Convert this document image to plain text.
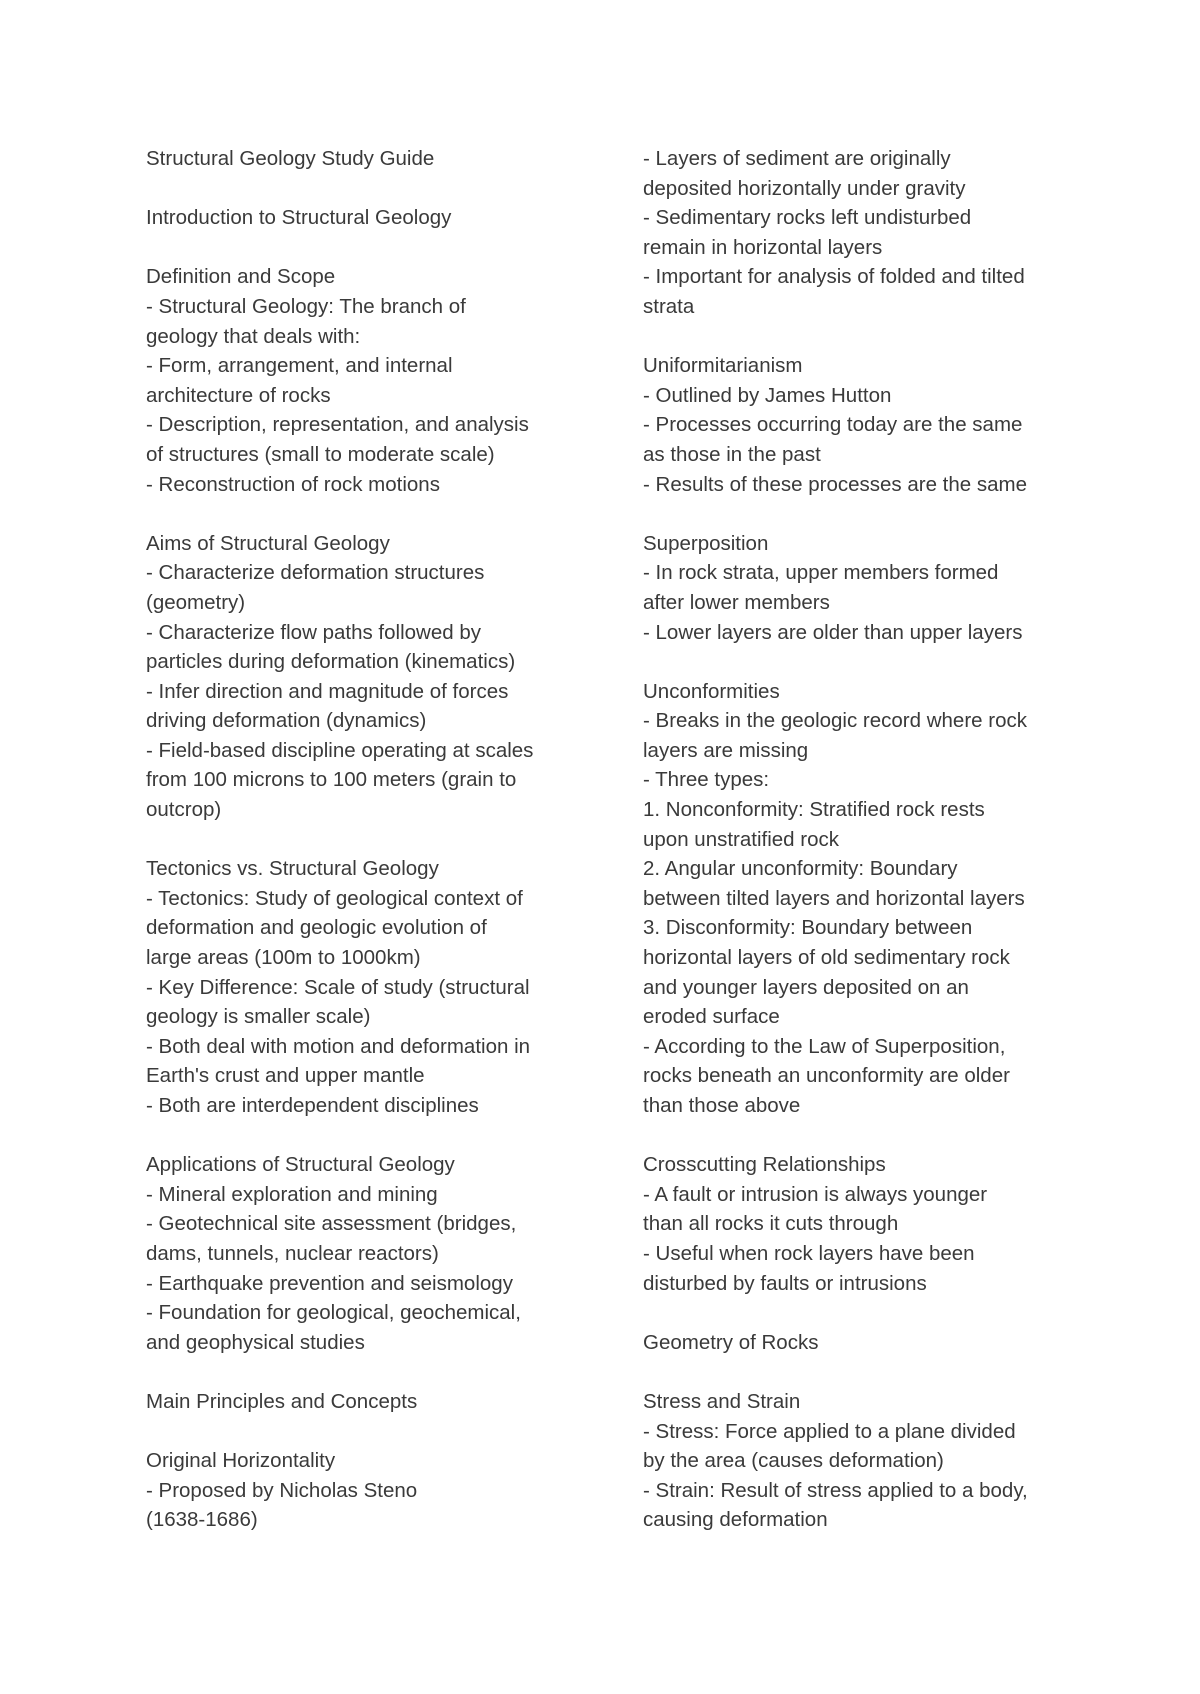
Structural Geology Study Guide
Introduction to Structural Geology
Definition and Scope
- Structural Geology: The branch of
geology that deals with:
- Form, arrangement, and internal
architecture of rocks
- Description, representation, and analysis
of structures (small to moderate scale)
- Reconstruction of rock motions
Aims of Structural Geology
- Characterize deformation structures
(geometry)
- Characterize flow paths followed by
particles during deformation (kinematics)
- Infer direction and magnitude of forces
driving deformation (dynamics)
- Field-based discipline operating at scales
from 100 microns to 100 meters (grain to
outcrop)
Tectonics vs. Structural Geology
- Tectonics: Study of geological context of
deformation and geologic evolution of
large areas (100m to 1000km)
- Key Difference: Scale of study (structural
geology is smaller scale)
- Both deal with motion and deformation in
Earth's crust and upper mantle
- Both are interdependent disciplines
Applications of Structural Geology
- Mineral exploration and mining
- Geotechnical site assessment (bridges,
dams, tunnels, nuclear reactors)
- Earthquake prevention and seismology
- Foundation for geological, geochemical,
and geophysical studies
Main Principles and Concepts
Original Horizontality
- Proposed by Nicholas Steno
(1638-1686)
- Layers of sediment are originally
deposited horizontally under gravity
- Sedimentary rocks left undisturbed
remain in horizontal layers
- Important for analysis of folded and tilted
strata
Uniformitarianism
- Outlined by James Hutton
- Processes occurring today are the same
as those in the past
- Results of these processes are the same
Superposition
- In rock strata, upper members formed
after lower members
- Lower layers are older than upper layers
Unconformities
- Breaks in the geologic record where rock
layers are missing
- Three types:
1. Nonconformity: Stratified rock rests
upon unstratified rock
2. Angular unconformity: Boundary
between tilted layers and horizontal layers
3. Disconformity: Boundary between
horizontal layers of old sedimentary rock
and younger layers deposited on an
eroded surface
- According to the Law of Superposition,
rocks beneath an unconformity are older
than those above
Crosscutting Relationships
- A fault or intrusion is always younger
than all rocks it cuts through
- Useful when rock layers have been
disturbed by faults or intrusions
Geometry of Rocks
Stress and Strain
- Stress: Force applied to a plane divided
by the area (causes deformation)
- Strain: Result of stress applied to a body,
causing deformation
